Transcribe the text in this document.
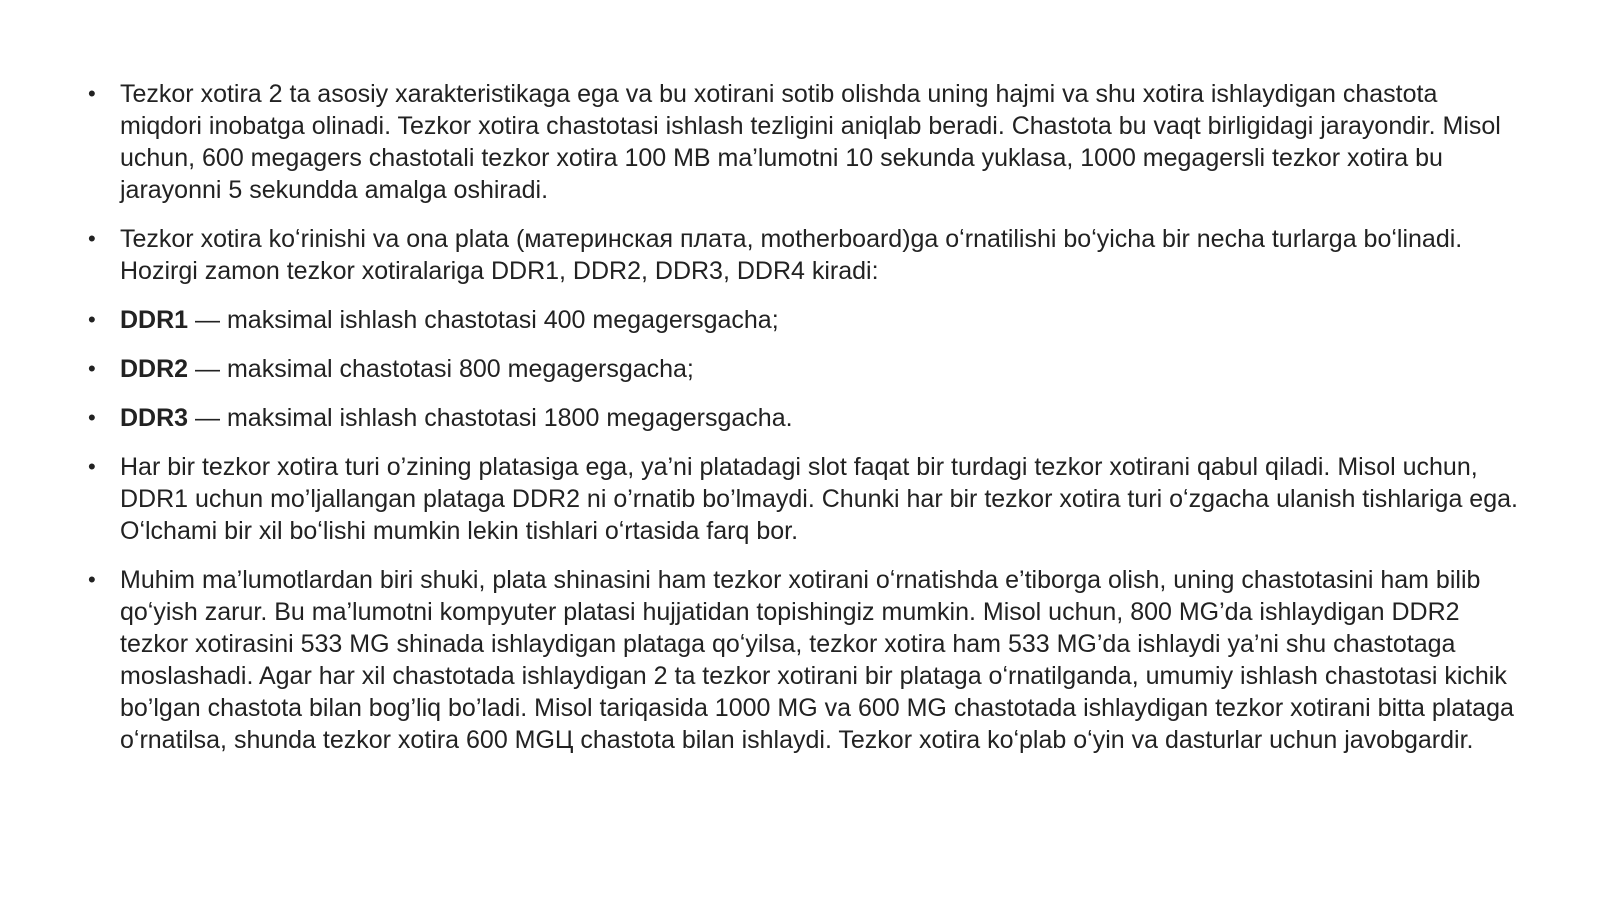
• Tezkor xotira 2 ta asosiy xarakteristikaga ega va bu xotirani sotib olishda uning hajmi va shu xotira ishlaydigan chastota miqdori inobatga olinadi. Tezkor xotira chastotasi ishlash tezligini aniqlab beradi. Chastota bu vaqt birligidagi jarayondir. Misol uchun, 600 megagers chastotali tezkor xotira 100 MB ma’lumotni 10 sekunda yuklasa, 1000 megagersli tezkor xotira bu jarayonni 5 sekundda amalga oshiradi.
• Tezkor xotira koʻrinishi va ona plata (материнская плата, motherboard)ga oʻrnatilishi boʻyicha bir necha turlarga boʻlinadi. Hozirgi zamon tezkor xotiralariga DDR1, DDR2, DDR3, DDR4 kiradi:
• DDR1 — maksimal ishlash chastotasi 400 megagersgacha;
• DDR2 — maksimal chastotasi 800 megagersgacha;
• DDR3 — maksimal ishlash chastotasi 1800 megagersgacha.
• Har bir tezkor xotira turi o’zining platasiga ega, ya’ni platadagi slot faqat bir turdagi tezkor xotirani qabul qiladi. Misol uchun, DDR1 uchun mo’ljallangan plataga DDR2 ni o’rnatib bo’lmaydi. Chunki har bir tezkor xotira turi oʻzgacha ulanish tishlariga ega. Oʻlchami bir xil boʻlishi mumkin lekin tishlari oʻrtasida farq bor.
• Muhim ma’lumotlardan biri shuki, plata shinasini ham tezkor xotirani oʻrnatishda e’tiborga olish, uning chastotasini ham bilib qoʻyish zarur. Bu ma’lumotni kompyuter platasi hujjatidan topishingiz mumkin. Misol uchun, 800 MG’da ishlaydigan DDR2 tezkor xotirasini 533 MG shinada ishlaydigan plataga qoʻyilsa, tezkor xotira ham 533 MG’da ishlaydi ya’ni shu chastotaga moslashadi. Agar har xil chastotada ishlaydigan 2 ta tezkor xotirani bir plataga oʻrnatilganda, umumiy ishlash chastotasi kichik bo’lgan chastota bilan bog’liq bo’ladi. Misol tariqasida 1000 MG va 600 MG chastotada ishlaydigan tezkor xotirani bitta plataga oʻrnatilsa, shunda tezkor xotira 600 MGЦ chastota bilan ishlaydi. Tezkor xotira koʻplab oʻyin va dasturlar uchun javobgardir.
